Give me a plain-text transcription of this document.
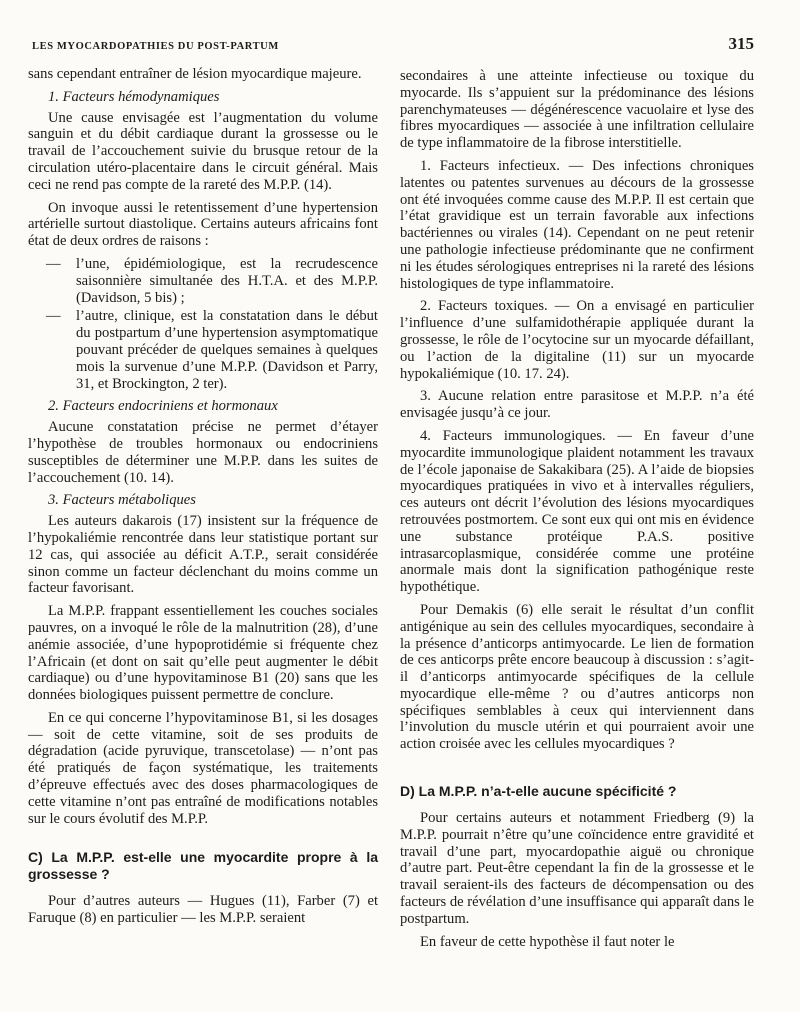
LES MYOCARDOPATHIES DU POST-PARTUM	315

sans cependant entraîner de lésion myocardique majeure.

1. Facteurs hémodynamiques

Une cause envisagée est l’augmentation du volume sanguin et du débit cardiaque durant la grossesse ou le travail de l’accouchement suivie du brusque retour de la circulation utéro-placentaire dans le circuit général. Mais ceci ne rend pas compte de la rareté des M.P.P. (14).

On invoque aussi le retentissement d’une hypertension artérielle surtout diastolique. Certains auteurs africains font état de deux ordres de raisons :

— l’une, épidémiologique, est la recrudescence saisonnière simultanée des H.T.A. et des M.P.P. (Davidson, 5 bis) ;
— l’autre, clinique, est la constatation dans le début du postpartum d’une hypertension asymptomatique pouvant précéder de quelques semaines à quelques mois la survenue d’une M.P.P. (Davidson et Parry, 31, et Brockington, 2 ter).
2. Facteurs endocriniens et hormonaux

Aucune constatation précise ne permet d’étayer l’hypothèse de troubles hormonaux ou endocriniens susceptibles de déterminer une M.P.P. dans les suites de l’accouchement (10. 14).

3. Facteurs métaboliques

Les auteurs dakarois (17) insistent sur la fréquence de l’hypokaliémie rencontrée dans leur statistique portant sur 12 cas, qui associée au déficit A.T.P., serait considérée sinon comme un facteur déclenchant du moins comme un facteur favorisant.

La M.P.P. frappant essentiellement les couches sociales pauvres, on a invoqué le rôle de la malnutrition (28), d’une anémie associée, d’une hypoprotidémie si fréquente chez l’Africain (et dont on sait qu’elle peut augmenter le débit cardiaque) ou d’une hypovitaminose B1 (20) sans que les données biologiques puissent permettre de conclure.

En ce qui concerne l’hypovitaminose B1, si les dosages — soit de cette vitamine, soit de ses produits de dégradation (acide pyruvique, transcetolase) — n’ont pas été pratiqués de façon systématique, les traitements d’épreuve effectués avec des doses pharmacologiques de cette vitamine n’ont pas entraîné de modifications notables sur le cours évolutif des M.P.P.

C) La M.P.P. est-elle une myocardite propre à la grossesse ?

Pour d’autres auteurs — Hugues (11), Farber (7) et Faruque (8) en particulier — les M.P.P. seraient

secondaires à une atteinte infectieuse ou toxique du myocarde. Ils s’appuient sur la prédominance des lésions parenchymateuses — dégénérescence vacuolaire et lyse des fibres myocardiques — associée à une infiltration cellulaire de type inflammatoire de la fibrose interstitielle.

1. Facteurs infectieux. — Des infections chroniques latentes ou patentes survenues au décours de la grossesse ont été invoquées comme cause des M.P.P. Il est certain que l’état gravidique est un terrain favorable aux infections bactériennes ou virales (14). Cependant on ne peut retenir une pathologie infectieuse prédominante que ne confirment ni les études sérologiques entreprises ni la rareté des lésions histologiques de type inflammatoire.

2. Facteurs toxiques. — On a envisagé en particulier l’influence d’une sulfamidothérapie appliquée durant la grossesse, le rôle de l’ocytocine sur un myocarde défaillant, ou l’action de la digitaline (11) sur un myocarde hypokaliémique (10. 17. 24).

3. Aucune relation entre parasitose et M.P.P. n’a été envisagée jusqu’à ce jour.

4. Facteurs immunologiques. — En faveur d’une myocardite immunologique plaident notamment les travaux de l’école japonaise de Sakakibara (25). A l’aide de biopsies myocardiques pratiquées in vivo et à intervalles réguliers, ces auteurs ont décrit l’évolution des lésions myocardiques retrouvées postmortem. Ce sont eux qui ont mis en évidence une substance protéique P.A.S. positive intrasarcoplasmique, considérée comme une protéine anormale mais dont la signification pathogénique reste hypothétique.

Pour Demakis (6) elle serait le résultat d’un conflit antigénique au sein des cellules myocardiques, secondaire à la présence d’anticorps antimyocarde. Le lien de formation de ces anticorps prête encore beaucoup à discussion : s’agit-il d’anticorps antimyocarde spécifiques de la cellule myocardique elle-même ? ou d’autres anticorps non spécifiques semblables à ceux qui interviennent dans l’involution du muscle utérin et qui pourraient avoir une action croisée avec les cellules myocardiques ?

D) La M.P.P. n’a-t-elle aucune spécificité ?

Pour certains auteurs et notamment Friedberg (9) la M.P.P. pourrait n’être qu’une coïncidence entre gravidité et travail d’une part, myocardopathie aiguë ou chronique d’autre part. Peut-être cependant la fin de la grossesse et le travail seraient-ils des facteurs de décompensation ou des facteurs de révélation d’une insuffisance qui apparaît dans le postpartum.

En faveur de cette hypothèse il faut noter le
